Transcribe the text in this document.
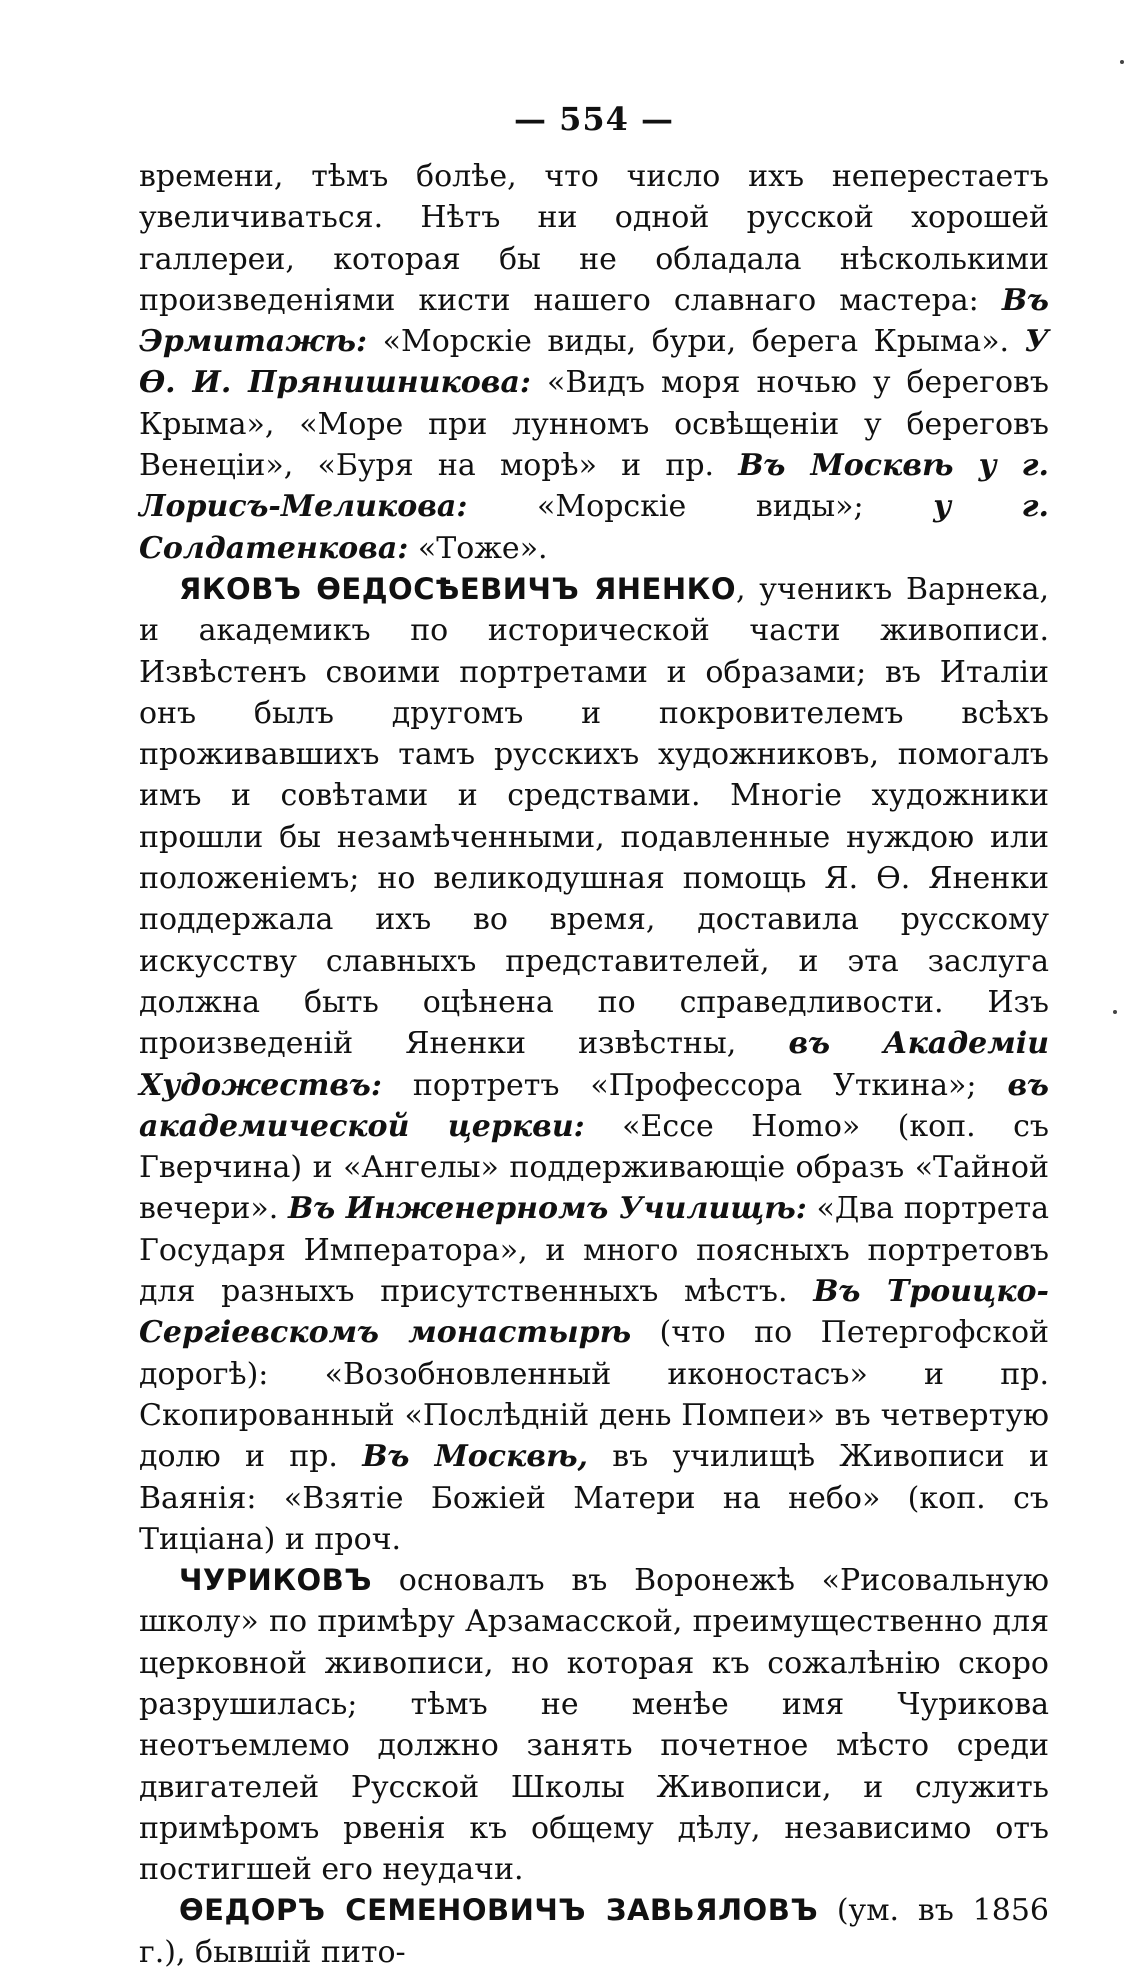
— 554 —

времени, тѣмъ болѣе, что число ихъ неперестаетъ увеличиваться. Нѣтъ ни одной русской хорошей галлереи, которая бы не обладала нѣсколькими произведеніями кисти нашего славнаго мастера: Въ Эрмитажѣ: «Морскіе виды, бури, берега Крыма». У Ѳ. И. Прянишникова: «Видъ моря ночью у береговъ Крыма», «Море при лунномъ освѣщеніи у береговъ Венеціи», «Буря на морѣ» и пр. Въ Москвѣ у г. Лорисъ-Меликова: «Морскіе виды»; у г. Солдатенкова: «Тоже».

ЯКОВЪ ѲЕДОСѢЕВИЧЪ ЯНЕНКО, ученикъ Варнека, и академикъ по исторической части живописи. Извѣстенъ своими портретами и образами; въ Италіи онъ былъ другомъ и покровителемъ всѣхъ проживавшихъ тамъ русскихъ художниковъ, помогалъ имъ и совѣтами и средствами. Многіе художники прошли бы незамѣченными, подавленные нуждою или положеніемъ; но великодушная помощь Я. Ѳ. Яненки поддержала ихъ во время, доставила русскому искусству славныхъ представителей, и эта заслуга должна быть оцѣнена по справедливости. Изъ произведеній Яненки извѣстны, въ Академіи Художествъ: портретъ «Профессора Уткина»; въ академической церкви: «Ecce Homo» (коп. съ Гверчина) и «Ангелы» поддерживающіе образъ «Тайной вечери». Въ Инженерномъ Училищѣ: «Два портрета Государя Императора», и много поясныхъ портретовъ для разныхъ присутственныхъ мѣстъ. Въ Троицко-Сергіевскомъ монастырѣ (что по Петергофской дорогѣ): «Возобновленный иконостасъ» и пр. Скопированный «Послѣдній день Помпеи» въ четвертую долю и пр. Въ Москвѣ, въ училищѣ Живописи и Ваянія: «Взятіе Божіей Матери на небо» (коп. съ Тиціана) и проч.

ЧУРИКОВЪ основалъ въ Воронежѣ «Рисовальную школу» по примѣру Арзамасской, преимущественно для церковной живописи, но которая къ сожалѣнію скоро разрушилась; тѣмъ не менѣе имя Чурикова неотъемлемо должно занять почетное мѣсто среди двигателей Русской Школы Живописи, и служить примѣромъ рвенія къ общему дѣлу, независимо отъ постигшей его неудачи.

ѲЕДОРЪ СЕМЕНОВИЧЪ ЗАВЬЯЛОВЪ (ум. въ 1856 г.), бывшій пито-
